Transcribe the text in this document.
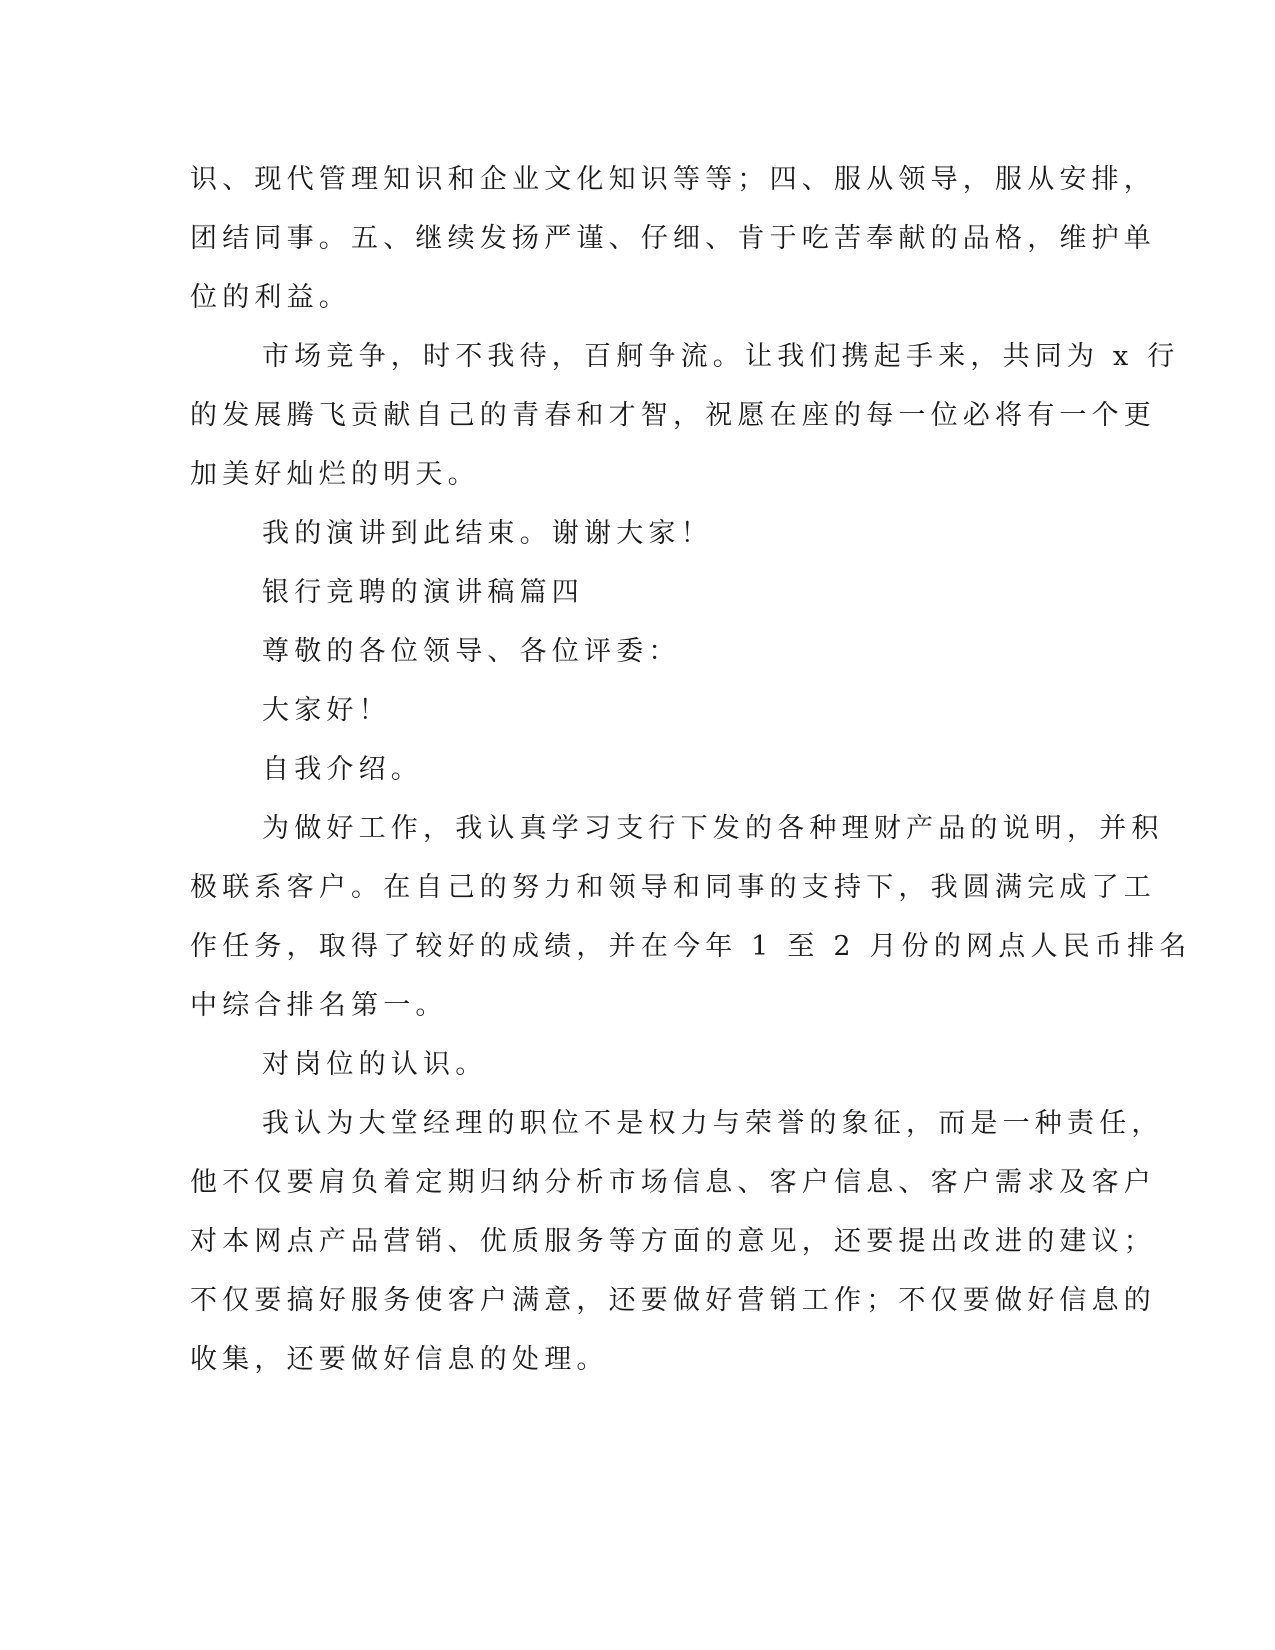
识、现代管理知识和企业文化知识等等；四、服从领导，服从安排，
团结同事。五、继续发扬严谨、仔细、肯于吃苦奉献的品格，维护单
位的利益。
市场竞争，时不我待，百舸争流。让我们携起手来，共同为 x 行
的发展腾飞贡献自己的青春和才智，祝愿在座的每一位必将有一个更
加美好灿烂的明天。
我的演讲到此结束。谢谢大家！
银行竞聘的演讲稿篇四
尊敬的各位领导、各位评委：
大家好！
自我介绍。
为做好工作，我认真学习支行下发的各种理财产品的说明，并积
极联系客户。在自己的努力和领导和同事的支持下，我圆满完成了工
作任务，取得了较好的成绩，并在今年 1 至 2 月份的网点人民币排名
中综合排名第一。
对岗位的认识。
我认为大堂经理的职位不是权力与荣誉的象征，而是一种责任，
他不仅要肩负着定期归纳分析市场信息、客户信息、客户需求及客户
对本网点产品营销、优质服务等方面的意见，还要提出改进的建议；
不仅要搞好服务使客户满意，还要做好营销工作；不仅要做好信息的
收集，还要做好信息的处理。
